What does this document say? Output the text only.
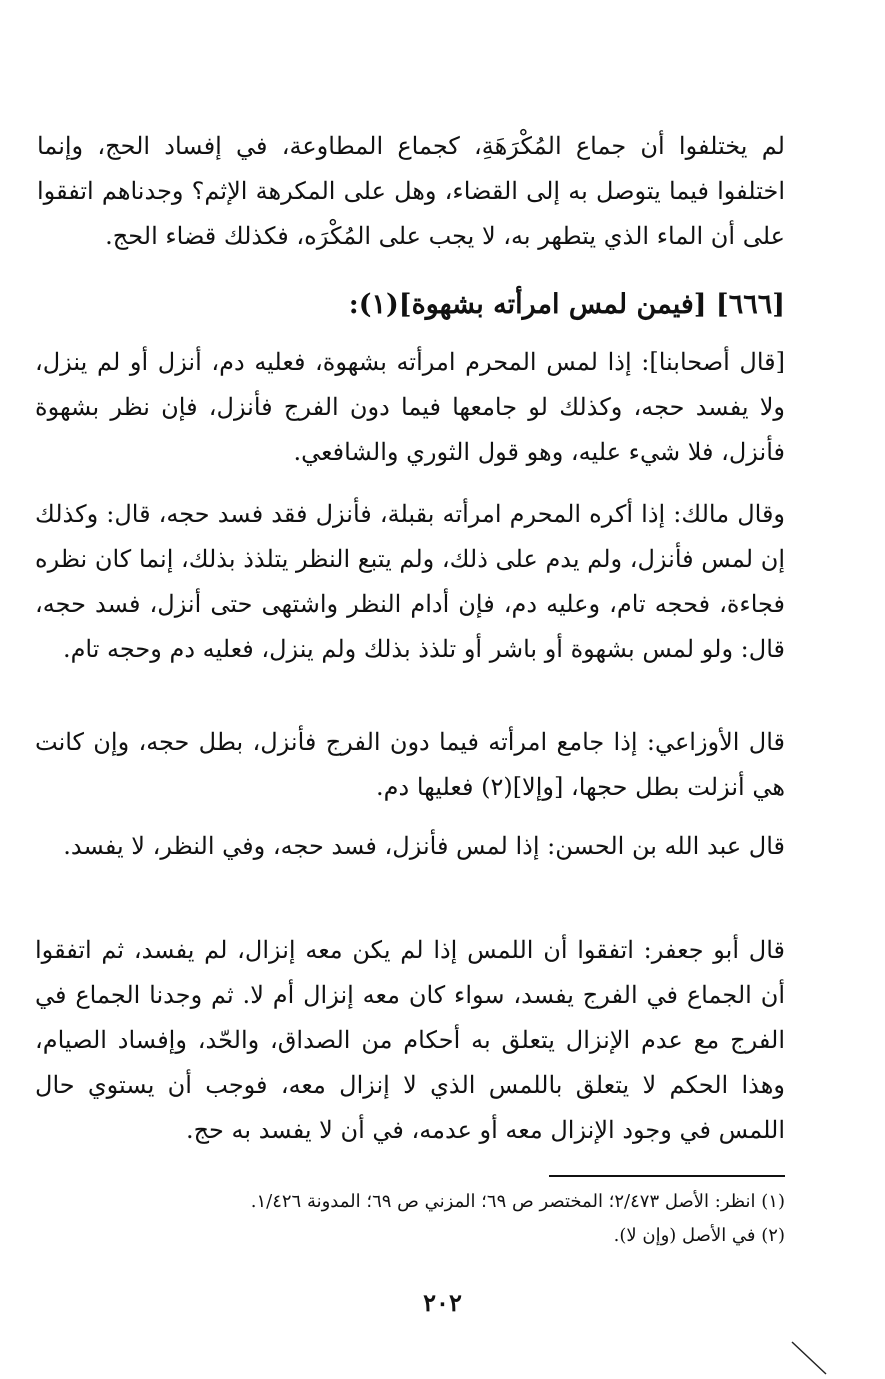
لم يختلفوا أن جماع المُكْرَهَةِ، كجماع المطاوعة، في إفساد الحج، وإنما اختلفوا فيما يتوصل به إلى القضاء، وهل على المكرهة الإثم؟ وجدناهم اتفقوا على أن الماء الذي يتطهر به، لا يجب على المُكْرَه، فكذلك قضاء الحج.

[٦٦٦] [فيمن لمس امرأته بشهوة](١):

[قال أصحابنا]: إذا لمس المحرم امرأته بشهوة، فعليه دم، أنزل أو لم ينزل، ولا يفسد حجه، وكذلك لو جامعها فيما دون الفرج فأنزل، فإن نظر بشهوة فأنزل، فلا شيء عليه، وهو قول الثوري والشافعي.

وقال مالك: إذا أكره المحرم امرأته بقبلة، فأنزل فقد فسد حجه، قال: وكذلك إن لمس فأنزل، ولم يدم على ذلك، ولم يتبع النظر يتلذذ بذلك، إنما كان نظره فجاءة، فحجه تام، وعليه دم، فإن أدام النظر واشتهى حتى أنزل، فسد حجه، قال: ولو لمس بشهوة أو باشر أو تلذذ بذلك ولم ينزل، فعليه دم وحجه تام.

قال الأوزاعي: إذا جامع امرأته فيما دون الفرج فأنزل، بطل حجه، وإن كانت هي أنزلت بطل حجها، [وإلا](٢) فعليها دم.

قال عبد الله بن الحسن: إذا لمس فأنزل، فسد حجه، وفي النظر، لا يفسد.

قال أبو جعفر: اتفقوا أن اللمس إذا لم يكن معه إنزال، لم يفسد، ثم اتفقوا أن الجماع في الفرج يفسد، سواء كان معه إنزال أم لا. ثم وجدنا الجماع في الفرج مع عدم الإنزال يتعلق به أحكام من الصداق، والحّد، وإفساد الصيام، وهذا الحكم لا يتعلق باللمس الذي لا إنزال معه، فوجب أن يستوي حال اللمس في وجود الإنزال معه أو عدمه، في أن لا يفسد به حج.

(١) انظر: الأصل ٢/٤٧٣؛ المختصر ص ٦٩؛ المزني ص ٦٩؛ المدونة ١/٤٢٦.

(٢) في الأصل (وإن لا).

٢٠٢
